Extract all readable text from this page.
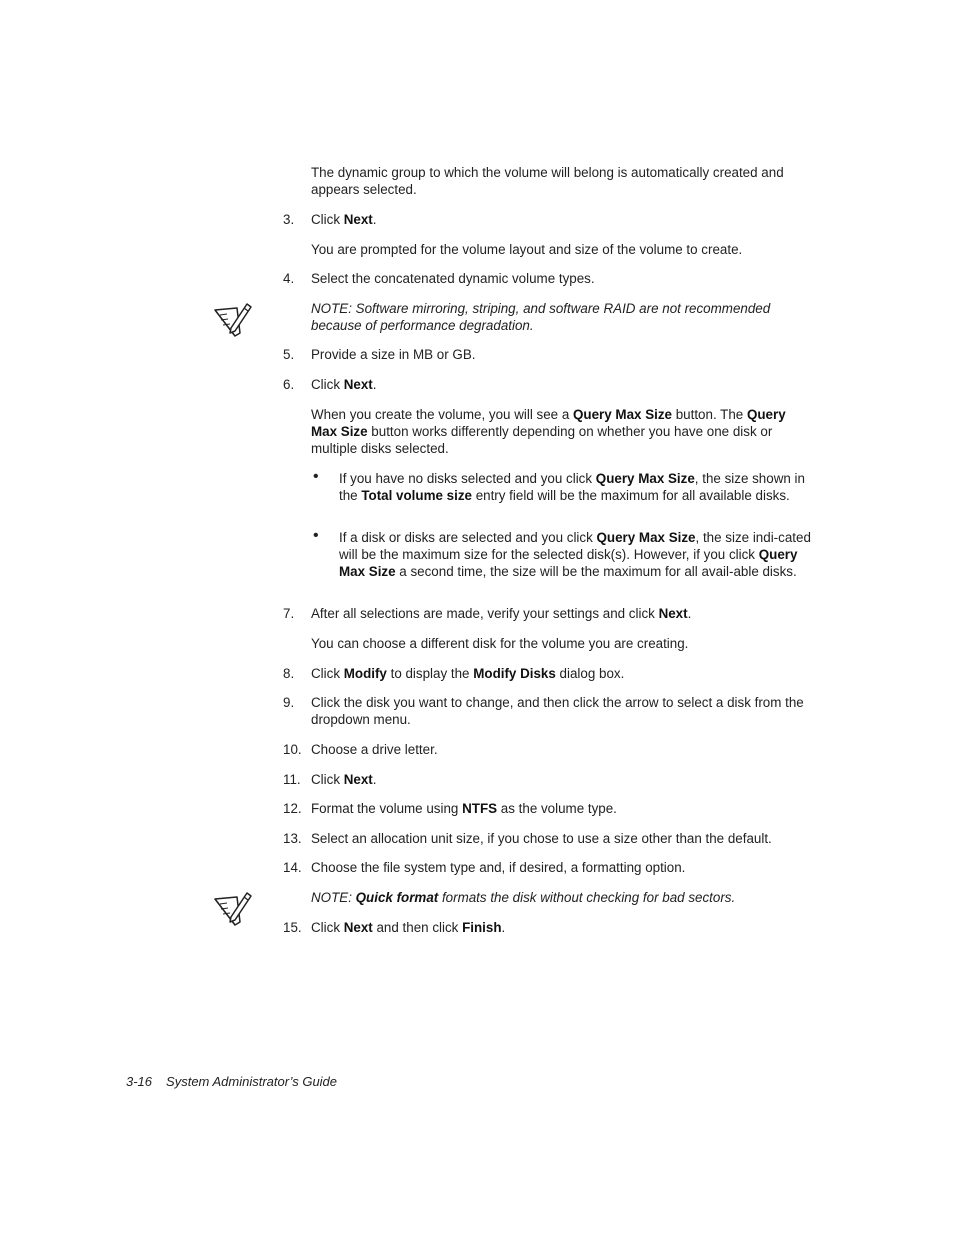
The dynamic group to which the volume will belong is automatically created and appears selected.
3. Click Next.
You are prompted for the volume layout and size of the volume to create.
4. Select the concatenated dynamic volume types.
NOTE: Software mirroring, striping, and software RAID are not recommended because of performance degradation.
5. Provide a size in MB or GB.
6. Click Next.
When you create the volume, you will see a Query Max Size button. The Query Max Size button works differently depending on whether you have one disk or multiple disks selected.
• If you have no disks selected and you click Query Max Size, the size shown in the Total volume size entry field will be the maximum for all available disks.
• If a disk or disks are selected and you click Query Max Size, the size indi-cated will be the maximum size for the selected disk(s). However, if you click Query Max Size a second time, the size will be the maximum for all avail-able disks.
7. After all selections are made, verify your settings and click Next.
You can choose a different disk for the volume you are creating.
8. Click Modify to display the Modify Disks dialog box.
9. Click the disk you want to change, and then click the arrow to select a disk from the dropdown menu.
10. Choose a drive letter.
11. Click Next.
12. Format the volume using NTFS as the volume type.
13. Select an allocation unit size, if you chose to use a size other than the default.
14. Choose the file system type and, if desired, a formatting option.
NOTE: Quick format formats the disk without checking for bad sectors.
15. Click Next and then click Finish.
3-16 System Administrator’s Guide
